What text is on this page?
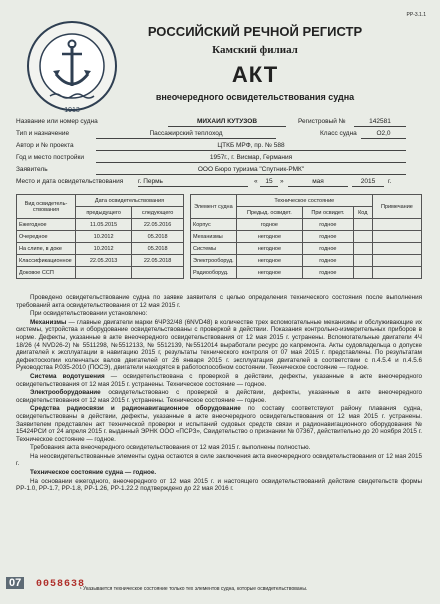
1913
РР-3.1.1
РОССИЙСКИЙ РЕЧНОЙ РЕГИСТР
Камский филиал
АКТ
внеочередного освидетельствования судна
Название или номер судна	МИХАИЛ КУТУЗОВ	Регистровый №	142581
Тип и назначение	Пассажирский теплоход	Класс судна	О2,0
Автор и № проекта	ЦТКБ МРФ, пр. № 588
Год и место постройки	1957г., г. Висмар, Германия
Заявитель	ООО Бюро туризма "Спутник-РМК"
Место и дата освидетельствования г. Пермь	«	15	»	мая	2015	г.
Вид освидетель-ствования	Дата освидетельствования	
	предыдущего	следующего
Ежегодное	11.05.2015	22.05.2016
Очередное	10.2012	05.2018
На слипе, в доке	10.2012	05.2018
Классификационное	22.05.2013	22.05.2018
Доковое ССП		
Элемент судна	Техническое состояние			Примечание
	Предыд. освидет.	При освидет.	Код	
Корпус	годное	годное		
Механизмы	негодное	годное		
Системы	негодное	годное		
Электрооборуд.	негодное	годное		
Радиооборуд.	негодное	годное		

Проведено освидетельствование судна по заявке заявителя с целью определения технического состояния после выполнения требований акта освидетельствования от 12 мая 2015 г.

При освидетельствовании установлено:

Механизмы — главные двигатели марки 6ЧР32/48 (6NVD48) в количестве трех вспомогательные механизмы и обслуживающие их системы, устройства и оборудование освидетельствованы с проверкой в действии. Показания контрольно-измерительных приборов в норме. Дефекты, указанные в акте внеочередного освидетельствования от 12 мая 2015 г. устранены. Вспомогательные двигатели 4Ч 18/26 (4 NVD26-2) № 5511298, №5512133, № 5512139, №5512014 выработали ресурс до капремонта. Акты судовладельца о допуске двигателей к эксплуатации в навигацию 2015 г, результаты технического контроля от 07 мая 2015 г. представлены. По результатам дефектоскопии коленчатых валов двигателей от 26 января 2015 г. эксплуатация двигателей в соответствии с п.4.5.4 и п.4.5.6 Руководства Р.035-2010 (ПОСЭ), двигатели находятся в работоспособном состоянии. Техническое состояние — годное.

Система водотушения — освидетельствована с проверкой в действии, дефекты, указанные в акте внеочередного освидетельствования от 12 мая 2015 г. устранены. Техническое состояние — годное.

Электрооборудование освидетельствовано с проверкой в действии, дефекты, указанные в акте внеочередного освидетельствования от 12 мая 2015 г. устранены. Техническое состояние — годное.

Средства радиосвязи и радионавигационное оборудование по составу соответствуют району плавания судна, освидетельствованы в действии, дефекты, указанные в акте внеочередного освидетельствования от 12 мая 2015 г. устранены. Заявителем представлен акт технической проверки и испытаний судовых средств связи и радионавигационного оборудования № 15424РСИ от 24 апреля 2015 г. выданный ЭРНК ООО «ПСРЗ», Свидетельство о признании № 07367, действительно до 20 ноября 2015 г. Техническое состояние — годное.

Требования акта внеочередного освидетельствования от 12 мая 2015 г. выполнены полностью.

На неосвидетельствованные элементы судна остаются в силе заключения акта внеочередного освидетельствования от 12 мая 2015 г.

Техническое состояние судна — годное.

На основании ежегодного, внеочередного от 12 мая 2015 г. и настоящего освидетельствований действие свидетельств формы РР-1.0, РР-1.7, РР-1.8, РР-1.26, РР-1.22.2 подтверждено до 22 мая 2016 г.

07	0058638
¹ Указывается техническое состояние только тех элементов судна, которые освидетельствованы.
